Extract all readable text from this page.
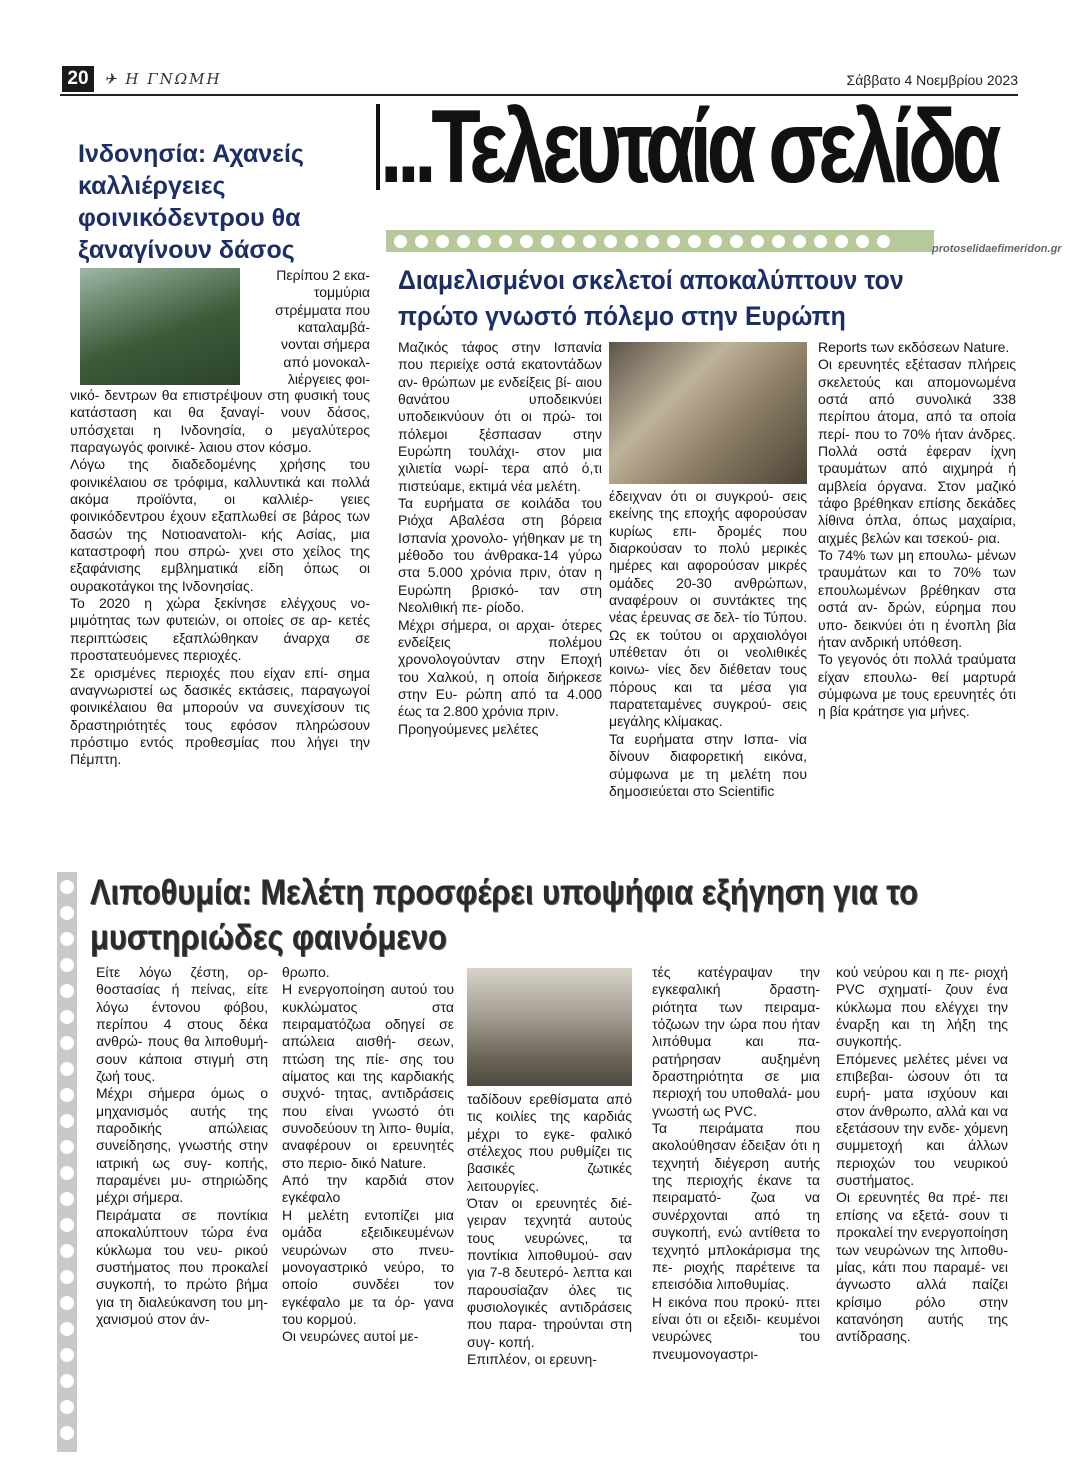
20	✈ Η ΓΝΩΜΗ	Σάββατο 4 Νοεμβρίου 2023
...Τελευταία σελίδα
protoselidaefimeridon.gr
Ινδονησία: Αχανείς καλλιέργειες φοινικόδεντρου θα ξαναγίνουν δάσος
Περίπου 2 εκα-
τομμύρια
στρέμματα που
καταλαμβά-
νονται σήμερα
από μονοκαλ-
λιέργειες φοι-
νικό- δεντρων θα επιστρέψουν στη φυσική τους κατάσταση και θα ξαναγί- νουν δάσος, υπόσχεται η Ινδονησία, ο μεγαλύτερος παραγωγός φοινικέ- λαιου στον κόσμο.
Λόγω της διαδεδομένης χρήσης του φοινικέλαιου σε τρόφιμα, καλλυντικά και πολλά ακόμα προϊόντα, οι καλλιέρ- γειες φοινικόδεντρου έχουν εξαπλωθεί σε βάρος των δασών της Νοτιοανατολι- κής Ασίας, μια καταστροφή που σπρώ- χνει στο χείλος της εξαφάνισης εμβληματικά είδη όπως οι ουρακοτάγκοι της Ινδονησίας.
Το 2020 η χώρα ξεκίνησε ελέγχους νο- μιμότητας των φυτειών, οι οποίες σε αρ- κετές περιπτώσεις εξαπλώθηκαν άναρχα σε προστατευόμενες περιοχές.
Σε ορισμένες περιοχές που είχαν επί- σημα αναγνωριστεί ως δασικές εκτάσεις, παραγωγοί φοινικέλαιου θα μπορούν να συνεχίσουν τις δραστηριότητές τους εφόσον πληρώσουν πρόστιμο εντός προθεσμίας που λήγει την Πέμπτη.
Διαμελισμένοι σκελετοί αποκαλύπτουν τον πρώτο γνωστό πόλεμο στην Ευρώπη
Μαζικός τάφος στην Ισπανία που περιείχε οστά εκατοντάδων αν- θρώπων με ενδείξεις βί- αιου θανάτου υποδεικνύει υποδεικνύουν ότι οι πρώ- τοι πόλεμοι ξέσπασαν στην Ευρώπη τουλάχι- στον μια χιλιετία νωρί- τερα από ό,τι πιστεύαμε, εκτιμά νέα μελέτη.
Τα ευρήματα σε κοιλάδα του Ριόχα Αβαλέσα στη βόρεια Ισπανία χρονολο- γήθηκαν με τη μέθοδο του άνθρακα-14 γύρω στα 5.000 χρόνια πριν, όταν η Ευρώπη βρισκό- ταν στη Νεολιθική πε- ρίοδο.
Μέχρι σήμερα, οι αρχαι- ότερες ενδείξεις πολέμου χρονολογούνταν στην Εποχή του Χαλκού, η οποία διήρκεσε στην Ευ- ρώπη από τα 4.000 έως τα 2.800 χρόνια πριν.
Προηγούμενες μελέτες
έδειχναν ότι οι συγκρού- σεις εκείνης της εποχής αφορούσαν κυρίως επι- δρομές που διαρκούσαν το πολύ μερικές ημέρες και αφορούσαν μικρές ομάδες 20-30 ανθρώπων, αναφέρουν οι συντάκτες της νέας έρευνας σε δελ- τίο Τύπου. Ως εκ τούτου οι αρχαιολόγοι υπέθεταν ότι οι νεολιθικές κοινω- νίες δεν διέθεταν τους πόρους και τα μέσα για παρατεταμένες συγκρού- σεις μεγάλης κλίμακας.
Τα ευρήματα στην Ισπα- νία δίνουν διαφορετική εικόνα, σύμφωνα με τη μελέτη που δημοσιεύεται στο Scientific
Reports των εκδόσεων Nature.
Οι ερευνητές εξέτασαν πλήρεις σκελετούς και απομονωμένα οστά από συνολικά 338 περίπου άτομα, από τα οποία περί- που το 70% ήταν άνδρες. Πολλά οστά έφεραν ίχνη τραυμάτων από αιχμηρά ή αμβλεία όργανα. Στον μαζικό τάφο βρέθηκαν επίσης δεκάδες λίθινα όπλα, όπως μαχαίρια, αιχμές βελών και τσεκού- ρια.
Το 74% των μη επουλω- μένων τραυμάτων και το 70% των επουλωμένων βρέθηκαν στα οστά αν- δρών, εύρημα που υπο- δεικνύει ότι η ένοπλη βία ήταν ανδρική υπόθεση.
Το γεγονός ότι πολλά τραύματα είχαν επουλω- θεί μαρτυρά σύμφωνα με τους ερευνητές ότι η βία κράτησε για μήνες.
Λιποθυμία: Μελέτη προσφέρει υποψήφια εξήγηση για το μυστηριώδες φαινόμενο
Είτε λόγω ζέστη, ορ- θοστασίας ή πείνας, είτε λόγω έντονου φόβου, περίπου 4 στους δέκα ανθρώ- πους θα λιποθυμή- σουν κάποια στιγμή στη ζωή τους.
Μέχρι σήμερα όμως ο μηχανισμός αυτής της παροδικής απώλειας συνείδησης, γνωστής στην ιατρική ως συγ- κοπής, παραμένει μυ- στηριώδης μέχρι σήμερα.
Πειράματα σε ποντίκια αποκαλύπτουν τώρα ένα κύκλωμα του νευ- ρικού συστήματος που προκαλεί συγκοπή, το πρώτο βήμα για τη διαλεύκανση του μη- χανισμού στον άν-
θρωπο.
Η ενεργοποίηση αυτού του κυκλώματος στα πειραματόζωα οδηγεί σε απώλεια αισθή- σεων, πτώση της πίε- σης του αίματος και της καρδιακής συχνό- τητας, αντιδράσεις που είναι γνωστό ότι συνοδεύουν τη λιπο- θυμία, αναφέρουν οι ερευνητές στο περιο- δικό Nature.
Από την καρδιά στον εγκέφαλο
Η μελέτη εντοπίζει μια ομάδα εξειδικευμένων νευρώνων στο πνευ- μονογαστρικό νεύρο, το οποίο συνδέει τον εγκέφαλο με τα όρ- γανα του κορμού.
Οι νευρώνες αυτοί με-
ταδίδουν ερεθίσματα από τις κοιλίες της καρδιάς μέχρι το εγκε- φαλικό στέλεχος που ρυθμίζει τις βασικές ζωτικές λειτουργίες.
Όταν οι ερευνητές διέ- γειραν τεχνητά αυτούς τους νευρώνες, τα ποντίκια λιποθυμού- σαν για 7-8 δευτερό- λεπτα και παρουσίαζαν όλες τις φυσιολογικές αντιδράσεις που παρα- τηρούνται στη συγ- κοπή.
Επιπλέον, οι ερευνη-
τές κατέγραψαν την εγκεφαλική δραστη- ριότητα των πειραμα- τόζωων την ώρα που ήταν λιπόθυμα και πα- ρατήρησαν αυξημένη δραστηριότητα σε μια περιοχή του υποθαλά- μου γνωστή ως PVC.
Τα πειράματα που ακολούθησαν έδειξαν ότι η τεχνητή διέγερση αυτής της περιοχής έκανε τα πειραματό- ζωα να συνέρχονται από τη συγκοπή, ενώ αντίθετα το τεχνητό μπλοκάρισμα της πε- ριοχής παρέτεινε τα επεισόδια λιποθυμίας.
Η εικόνα που προκύ- πτει είναι ότι οι εξειδι- κευμένοι νευρώνες του πνευμονογαστρι-
κού νεύρου και η πε- ριοχή PVC σχηματί- ζουν ένα κύκλωμα που ελέγχει την έναρξη και τη λήξη της συγκοπής.
Επόμενες μελέτες μένει να επιβεβαι- ώσουν ότι τα ευρή- ματα ισχύουν και στον άνθρωπο, αλλά και να εξετάσουν την ενδε- χόμενη συμμετοχή και άλλων περιοχών του νευρικού συστήματος.
Οι ερευνητές θα πρέ- πει επίσης να εξετά- σουν τι προκαλεί την ενεργοποίηση των νευρώνων της λιποθυ- μίας, κάτι που παραμέ- νει άγνωστο αλλά παίζει κρίσιμο ρόλο στην κατανόηση αυτής της αντίδρασης.
